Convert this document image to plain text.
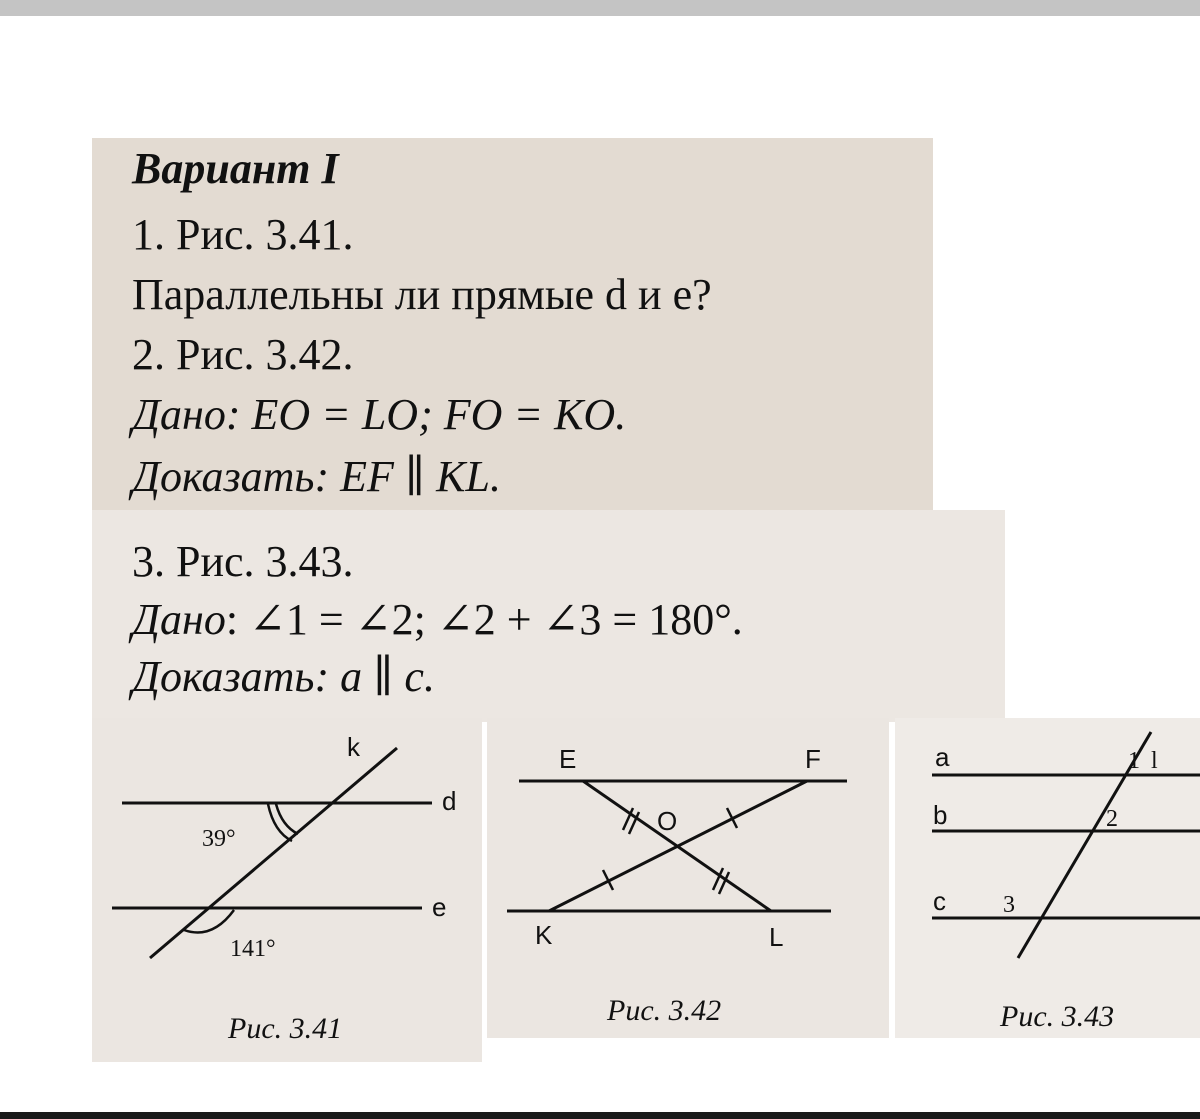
Вариант I
1. Рис. 3.41.
Параллельны ли прямые d и e?
2. Рис. 3.42.
Дано: EO = LO; FO = KO.
Доказать: EF ∥ KL.
3. Рис. 3.43.
Дано: ∠1 = ∠2; ∠2 + ∠3 = 180°.
Доказать: a ∥ c.
k
d
e
39°
141°
Рис. 3.41
E	F
O
K	L
Рис. 3.42
a
b
c
l
1
2
3
Рис. 3.43
